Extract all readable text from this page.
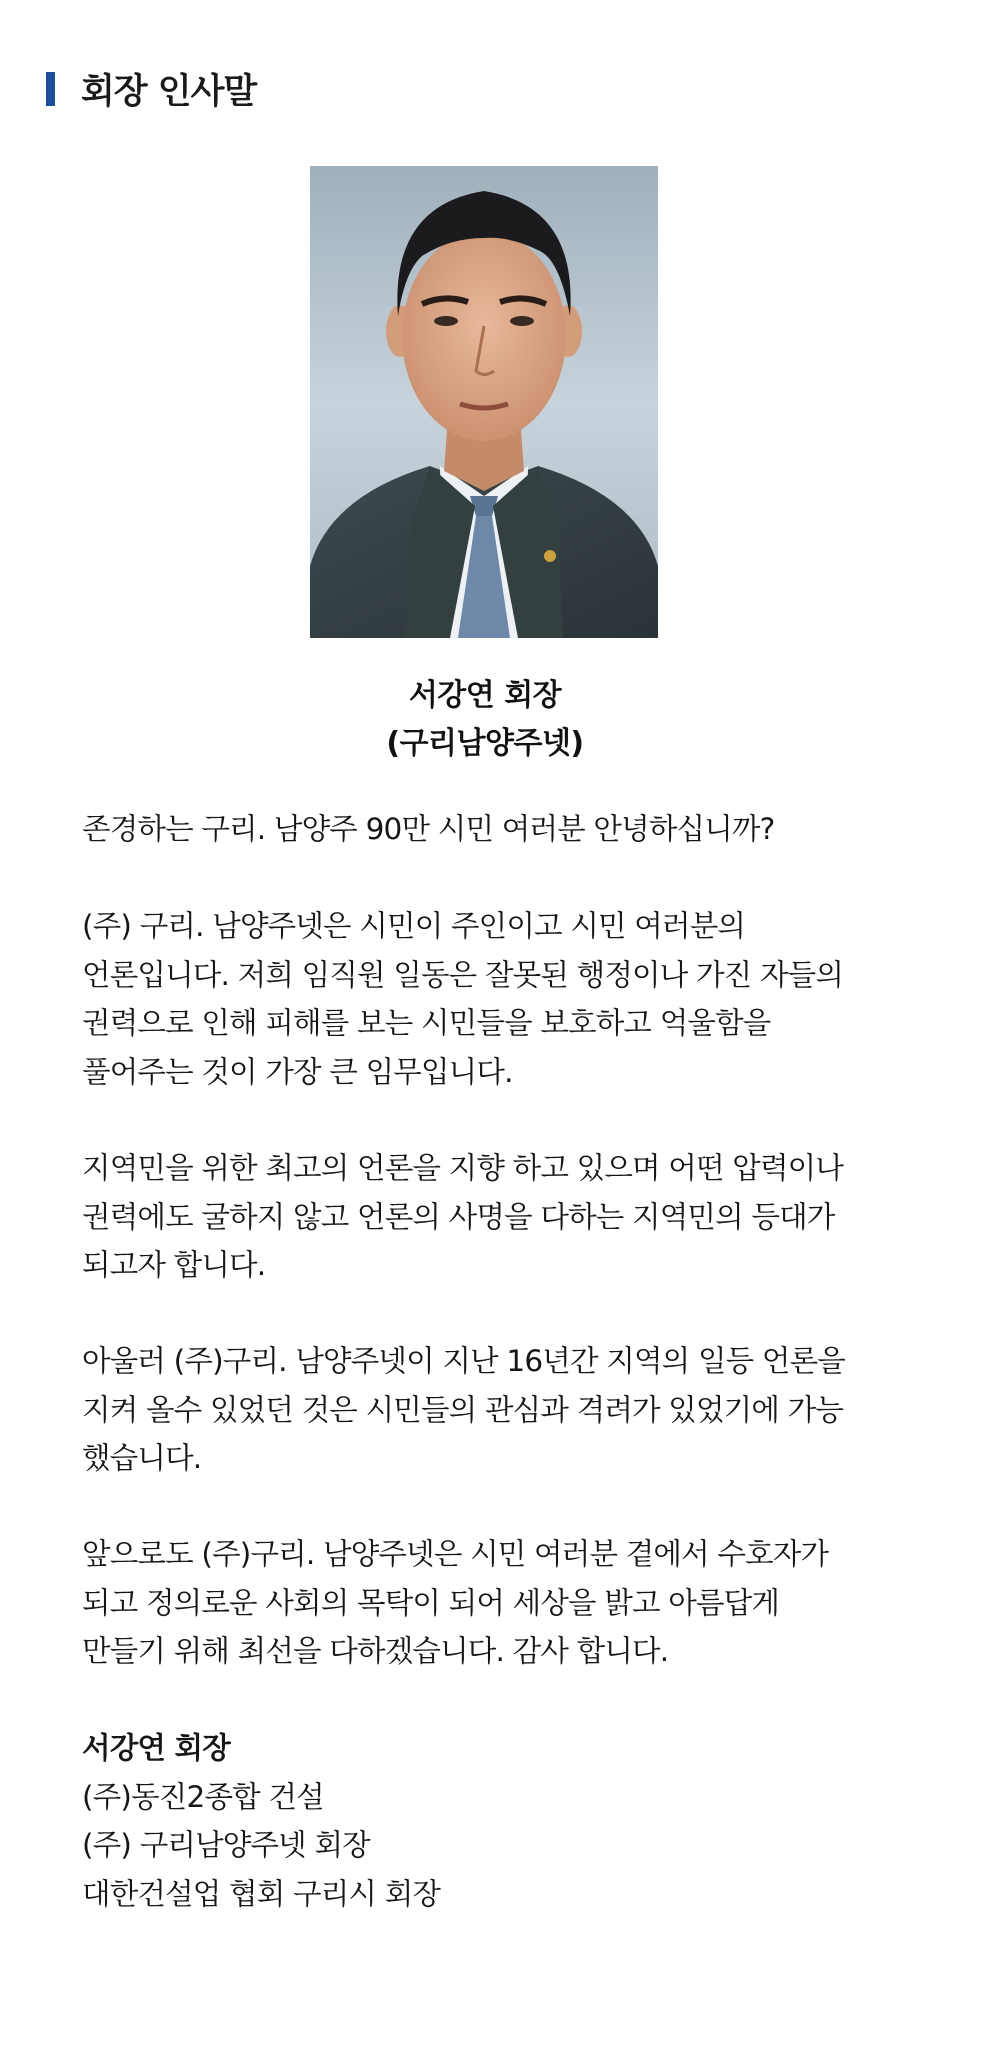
회장 인사말
서강연 회장
(구리남양주넷)
존경하는 구리. 남양주 90만 시민 여러분 안녕하십니까?
(주) 구리. 남양주넷은 시민이 주인이고 시민 여러분의
언론입니다. 저희 임직원 일동은 잘못된 행정이나 가진 자들의
권력으로 인해 피해를 보는 시민들을 보호하고 억울함을
풀어주는 것이 가장 큰 임무입니다.
지역민을 위한 최고의 언론을 지향 하고 있으며 어떤 압력이나
권력에도 굴하지 않고 언론의 사명을 다하는 지역민의 등대가
되고자 합니다.
아울러 (주)구리. 남양주넷이 지난 16년간 지역의 일등 언론을
지켜 올수 있었던 것은 시민들의 관심과 격려가 있었기에 가능
했습니다.
앞으로도 (주)구리. 남양주넷은 시민 여러분 곁에서 수호자가
되고 정의로운 사회의 목탁이 되어 세상을 밝고 아름답게
만들기 위해 최선을 다하겠습니다. 감사 합니다.
서강연 회장
(주)동진2종합 건설
(주) 구리남양주넷 회장
대한건설업 협회 구리시 회장
